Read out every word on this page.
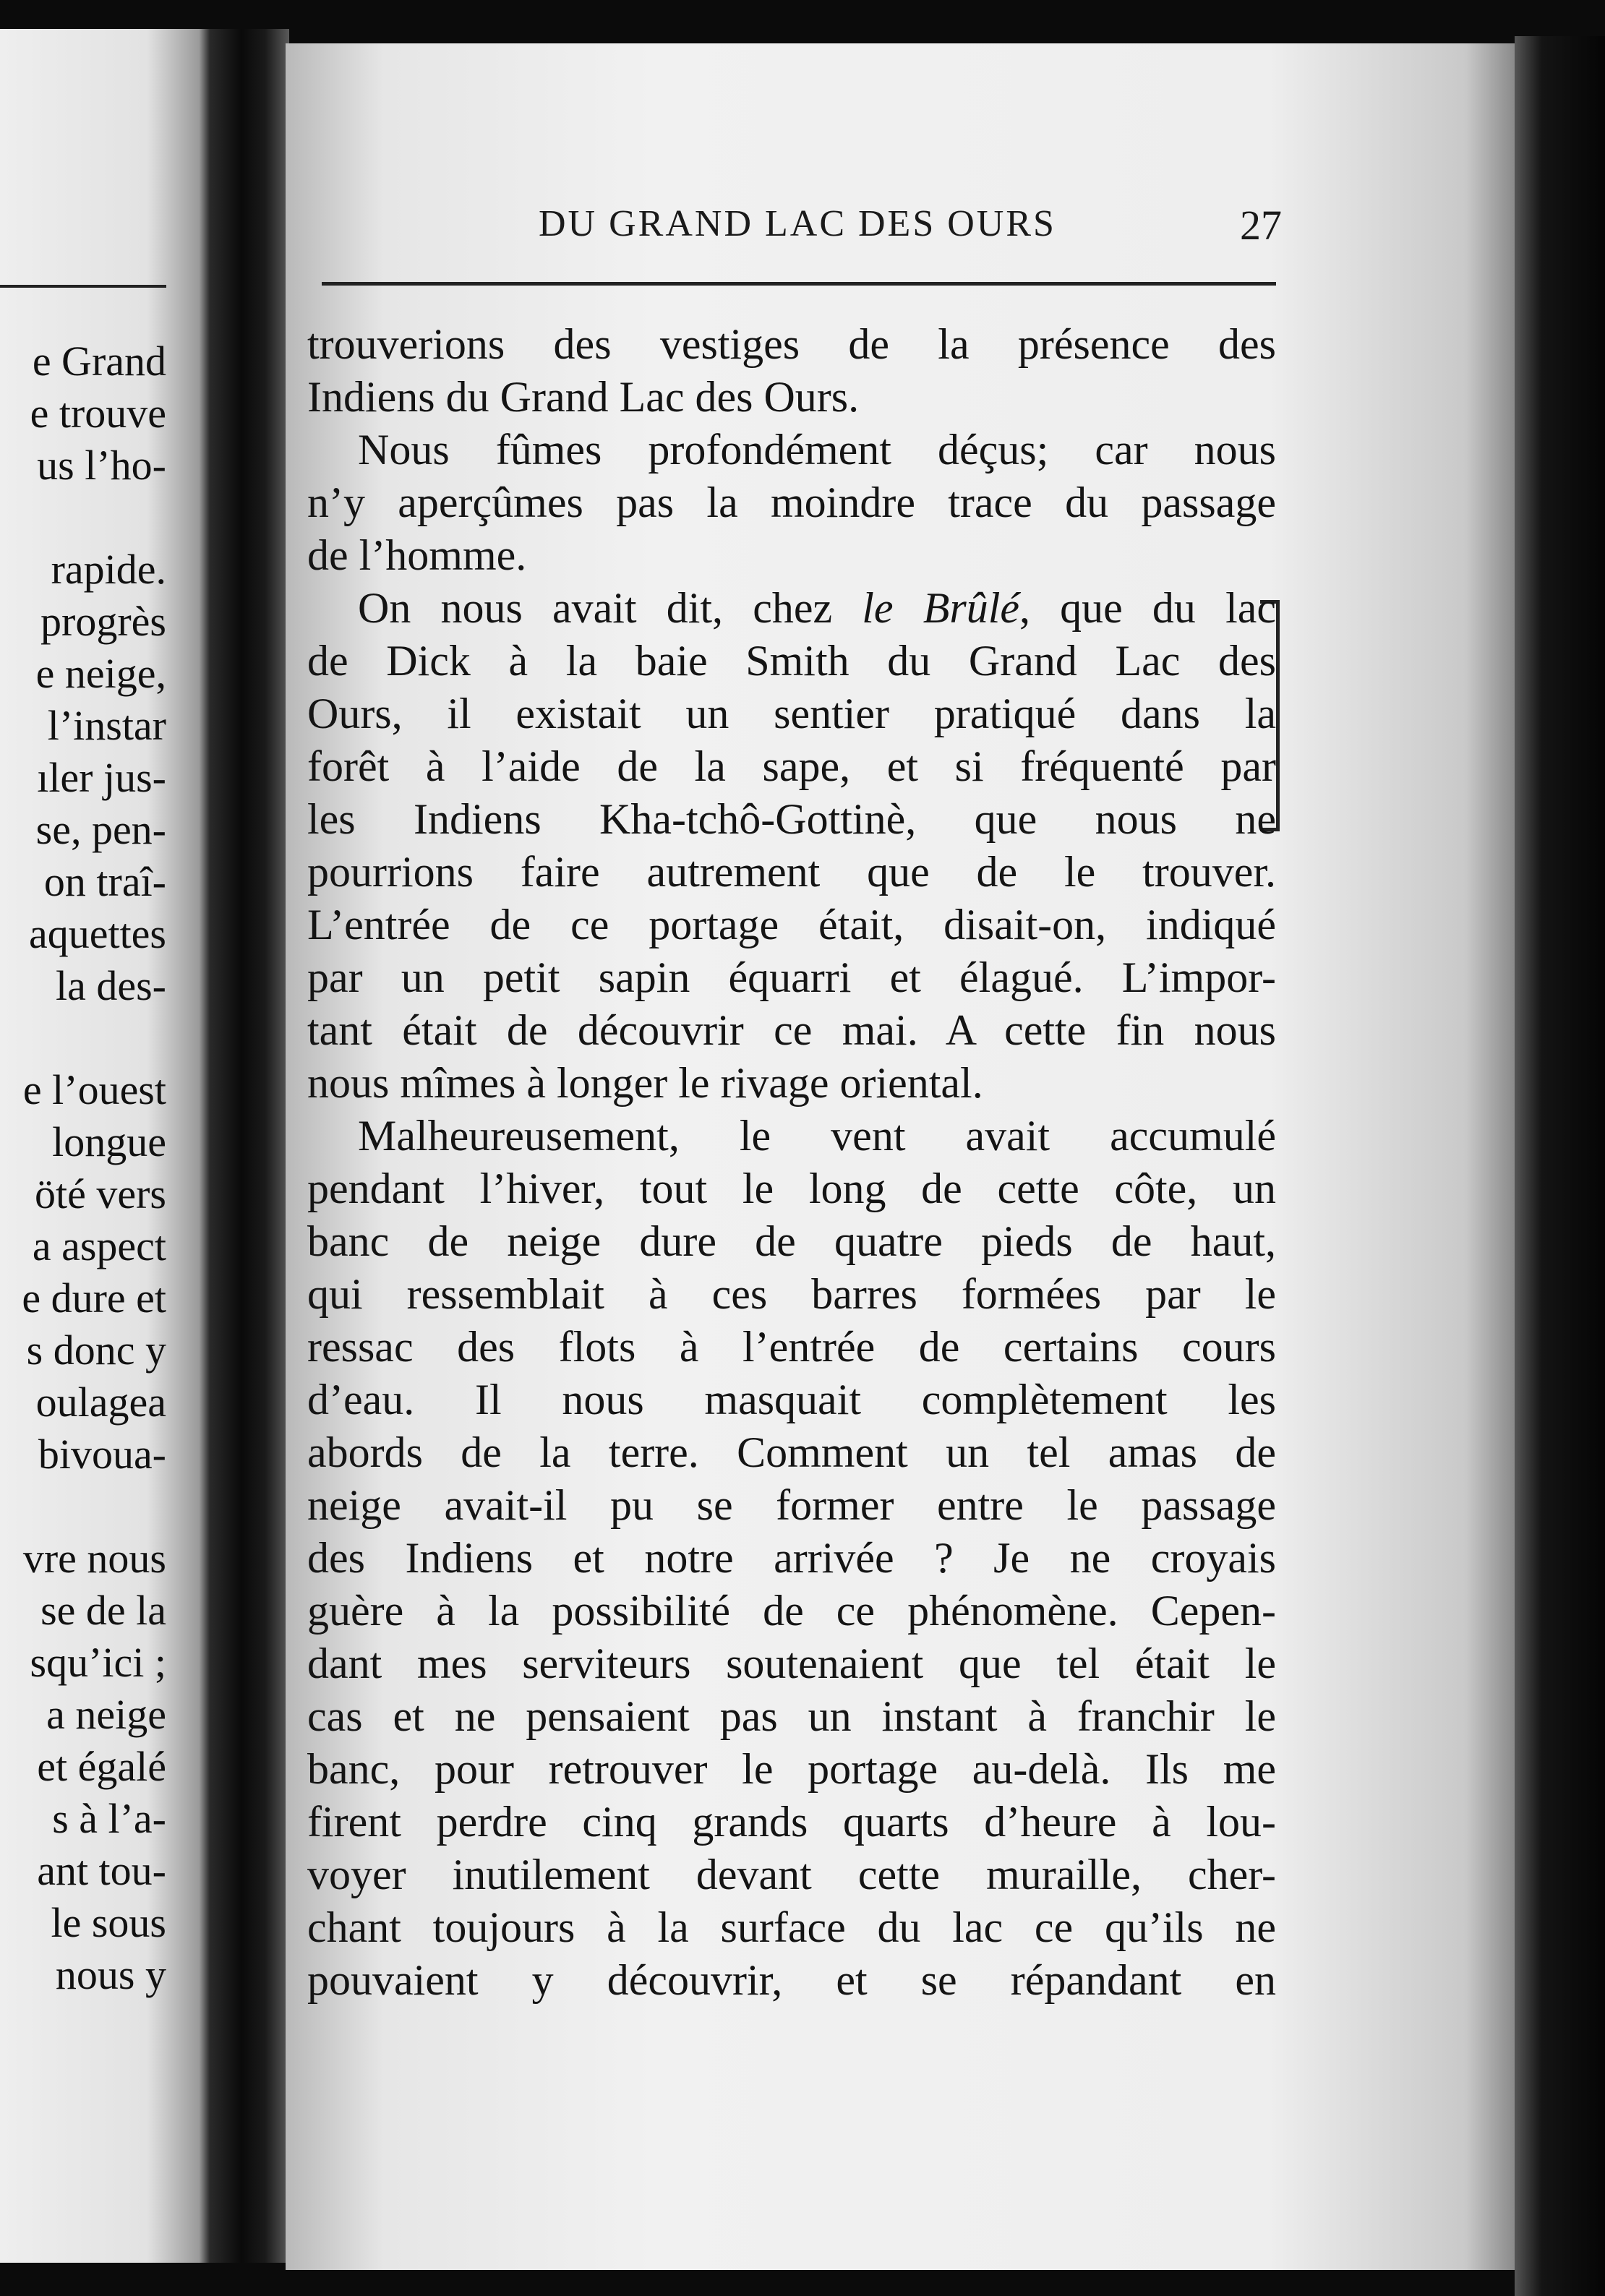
e Grand
e trouve
us l’ho-
rapide.
progrès
e neige,
l’instar
ıler jus-
se, pen-
on traî-
aquettes
la des-
e l’ouest
longue
öté vers
a aspect
e dure et
s donc y
oulagea
bivoua-
vre nous
se de la
squ’ici ;
a neige
et égalé
s à l’a-
ant tou-
le sous
nous y
DU GRAND LAC DES OURS	27
trouverions des vestiges de la présence des
Indiens du Grand Lac des Ours.
Nous fûmes profondément déçus; car nous
n’y aperçûmes pas la moindre trace du passage
de l’homme.
On nous avait dit, chez le Brûlé, que du lac
de Dick à la baie Smith du Grand Lac des
Ours, il existait un sentier pratiqué dans la
forêt à l’aide de la sape, et si fréquenté par
les Indiens Kha-tchô-Gottinè, que nous ne
pourrions faire autrement que de le trouver.
L’entrée de ce portage était, disait-on, indiqué
par un petit sapin équarri et élagué. L’impor-
tant était de découvrir ce mai. A cette fin nous
nous mîmes à longer le rivage oriental.
Malheureusement, le vent avait accumulé
pendant l’hiver, tout le long de cette côte, un
banc de neige dure de quatre pieds de haut,
qui ressemblait à ces barres formées par le
ressac des flots à l’entrée de certains cours
d’eau. Il nous masquait complètement les
abords de la terre. Comment un tel amas de
neige avait-il pu se former entre le passage
des Indiens et notre arrivée ? Je ne croyais
guère à la possibilité de ce phénomène. Cepen-
dant mes serviteurs soutenaient que tel était le
cas et ne pensaient pas un instant à franchir le
banc, pour retrouver le portage au-delà. Ils me
firent perdre cinq grands quarts d’heure à lou-
voyer inutilement devant cette muraille, cher-
chant toujours à la surface du lac ce qu’ils ne
pouvaient y découvrir, et se répandant en
